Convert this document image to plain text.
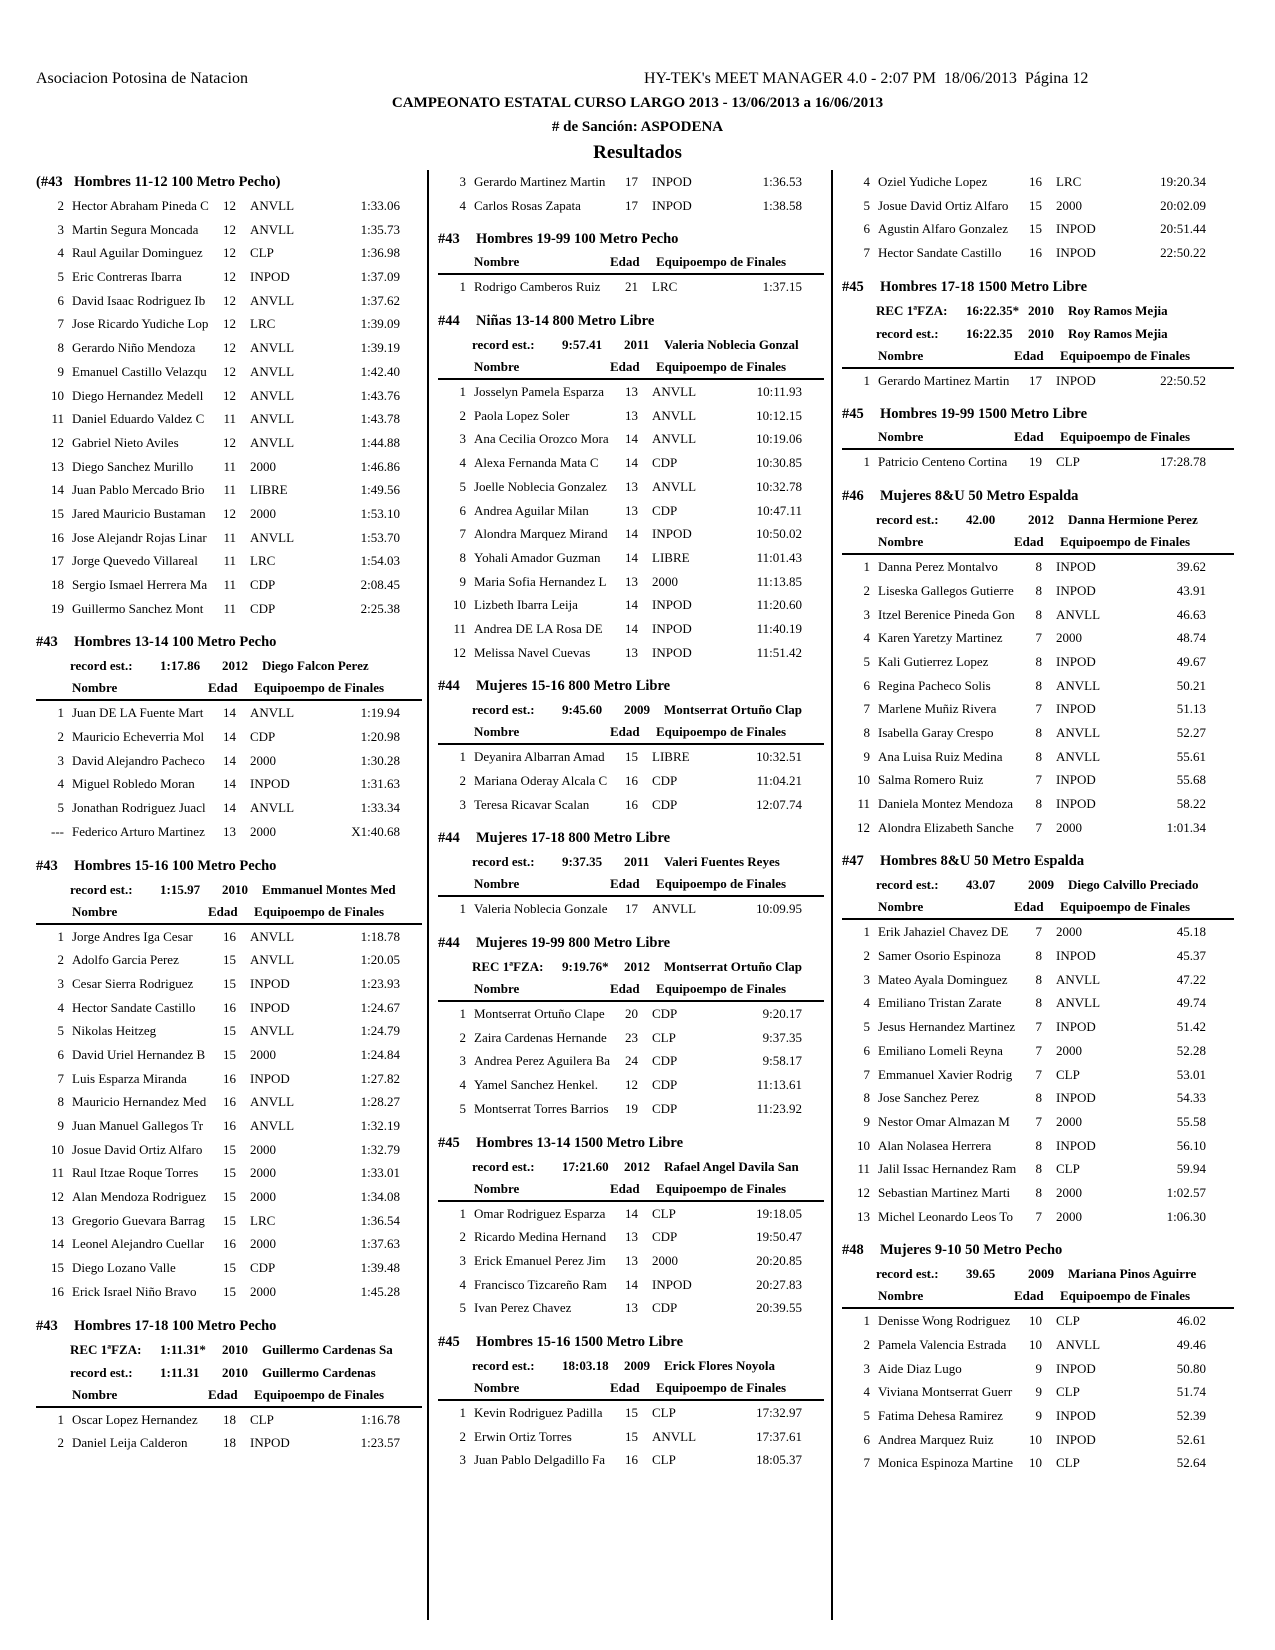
Asociacion Potosina de Natacion	HY-TEK's MEET MANAGER 4.0 - 2:07 PM  18/06/2013  Página 12
CAMPEONATO ESTATAL CURSO LARGO 2013 - 13/06/2013 a 16/06/2013
# de Sanción: ASPODENA
Resultados
(#43 Hombres 11-12 100 Metro Pecho)
2 Hector Abraham Pineda C	12 ANVLL	1:33.06
3 Martin Segura Moncada	12 ANVLL	1:35.73
4 Raul Aguilar Dominguez	12 CLP	1:36.98
5 Eric Contreras Ibarra	12 INPOD	1:37.09
6 David Isaac Rodriguez Ib	12 ANVLL	1:37.62
7 Jose Ricardo Yudiche Lop	12 LRC	1:39.09
8 Gerardo Niño Mendoza	12 ANVLL	1:39.19
9 Emanuel Castillo Velazqu	12 ANVLL	1:42.40
10 Diego Hernandez Medell	12 ANVLL	1:43.76
11 Daniel Eduardo Valdez C	11 ANVLL	1:43.78
12 Gabriel Nieto Aviles	12 ANVLL	1:44.88
13 Diego Sanchez Murillo	11 2000	1:46.86
14 Juan Pablo Mercado Brio	11 LIBRE	1:49.56
15 Jared Mauricio Bustaman	12 2000	1:53.10
16 Jose Alejandr Rojas Linar	11 ANVLL	1:53.70
17 Jorge Quevedo Villareal	11 LRC	1:54.03
18 Sergio Ismael Herrera Ma	11 CDP	2:08.45
19 Guillermo Sanchez Mont	11 CDP	2:25.38
#43 Hombres 13-14 100 Metro Pecho
record est.: 1:17.86 2012 Diego Falcon Perez
Nombre	Edad Equipoempo de Finales
1 Juan DE LA Fuente Mart	14 ANVLL	1:19.94
2 Mauricio Echeverria Mol	14 CDP	1:20.98
3 David Alejandro Pacheco	14 2000	1:30.28
4 Miguel Robledo Moran	14 INPOD	1:31.63
5 Jonathan Rodriguez Juacl	14 ANVLL	1:33.34
--- Federico Arturo Martinez	13 2000	X1:40.68
#43 Hombres 15-16 100 Metro Pecho
record est.: 1:15.97 2010 Emmanuel Montes Med
Nombre	Edad Equipoempo de Finales
1 Jorge Andres Iga Cesar	16 ANVLL	1:18.78
2 Adolfo Garcia Perez	15 ANVLL	1:20.05
3 Cesar Sierra Rodriguez	15 INPOD	1:23.93
4 Hector Sandate Castillo	16 INPOD	1:24.67
5 Nikolas Heitzeg	15 ANVLL	1:24.79
6 David Uriel Hernandez B	15 2000	1:24.84
7 Luis Esparza Miranda	16 INPOD	1:27.82
8 Mauricio Hernandez Med	16 ANVLL	1:28.27
9 Juan Manuel Gallegos Tr	16 ANVLL	1:32.19
10 Josue David Ortiz Alfaro	15 2000	1:32.79
11 Raul Itzae Roque Torres	15 2000	1:33.01
12 Alan Mendoza Rodriguez	15 2000	1:34.08
13 Gregorio Guevara Barrag	15 LRC	1:36.54
14 Leonel Alejandro Cuellar	16 2000	1:37.63
15 Diego Lozano Valle	15 CDP	1:39.48
16 Erick Israel Niño Bravo	15 2000	1:45.28
#43 Hombres 17-18 100 Metro Pecho
REC 1ªFZA: 1:11.31* 2010 Guillermo Cardenas Sa
record est.: 1:11.31 2010 Guillermo Cardenas
Nombre	Edad Equipoempo de Finales
1 Oscar Lopez Hernandez	18 CLP	1:16.78
2 Daniel Leija Calderon	18 INPOD	1:23.57
3 Gerardo Martinez Martin	17 INPOD	1:36.53
4 Carlos Rosas Zapata	17 INPOD	1:38.58
#43 Hombres 19-99 100 Metro Pecho
Nombre	Edad Equipoempo de Finales
1 Rodrigo Camberos Ruiz	21 LRC	1:37.15
#44 Niñas 13-14 800 Metro Libre
record est.: 9:57.41 2011 Valeria Noblecia Gonzal
Nombre	Edad Equipoempo de Finales
1 Josselyn Pamela Esparza	13 ANVLL	10:11.93
2 Paola Lopez Soler	13 ANVLL	10:12.15
3 Ana Cecilia Orozco Mora	14 ANVLL	10:19.06
4 Alexa Fernanda Mata C	14 CDP	10:30.85
5 Joelle Noblecia Gonzalez	13 ANVLL	10:32.78
6 Andrea Aguilar Milan	13 CDP	10:47.11
7 Alondra Marquez Mirand	14 INPOD	10:50.02
8 Yohali Amador Guzman	14 LIBRE	11:01.43
9 Maria Sofia Hernandez L	13 2000	11:13.85
10 Lizbeth Ibarra Leija	14 INPOD	11:20.60
11 Andrea DE LA Rosa DE	14 INPOD	11:40.19
12 Melissa Navel Cuevas	13 INPOD	11:51.42
#44 Mujeres 15-16 800 Metro Libre
record est.: 9:45.60 2009 Montserrat Ortuño Clap
Nombre	Edad Equipoempo de Finales
1 Deyanira Albarran Amad	15 LIBRE	10:32.51
2 Mariana Oderay Alcala C	16 CDP	11:04.21
3 Teresa Ricavar Scalan	16 CDP	12:07.74
#44 Mujeres 17-18 800 Metro Libre
record est.: 9:37.35 2011 Valeri Fuentes Reyes
Nombre	Edad Equipoempo de Finales
1 Valeria Noblecia Gonzale	17 ANVLL	10:09.95
#44 Mujeres 19-99 800 Metro Libre
REC 1ªFZA: 9:19.76* 2012 Montserrat Ortuño Clap
Nombre	Edad Equipoempo de Finales
1 Montserrat Ortuño Clape	20 CDP	9:20.17
2 Zaira Cardenas Hernande	23 CLP	9:37.35
3 Andrea Perez Aguilera Ba	24 CDP	9:58.17
4 Yamel Sanchez Henkel.	12 CDP	11:13.61
5 Montserrat Torres Barrios	19 CDP	11:23.92
#45 Hombres 13-14 1500 Metro Libre
record est.: 17:21.60 2012 Rafael Angel Davila San
Nombre	Edad Equipoempo de Finales
1 Omar Rodriguez Esparza	14 CLP	19:18.05
2 Ricardo Medina Hernand	13 CDP	19:50.47
3 Erick Emanuel Perez Jim	13 2000	20:20.85
4 Francisco Tizcareño Ram	14 INPOD	20:27.83
5 Ivan Perez Chavez	13 CDP	20:39.55
#45 Hombres 15-16 1500 Metro Libre
record est.: 18:03.18 2009 Erick Flores Noyola
Nombre	Edad Equipoempo de Finales
1 Kevin Rodriguez Padilla	15 CLP	17:32.97
2 Erwin Ortiz Torres	15 ANVLL	17:37.61
3 Juan Pablo Delgadillo Fa	16 CLP	18:05.37
4 Oziel Yudiche Lopez	16 LRC	19:20.34
5 Josue David Ortiz Alfaro	15 2000	20:02.09
6 Agustin Alfaro Gonzalez	15 INPOD	20:51.44
7 Hector Sandate Castillo	16 INPOD	22:50.22
#45 Hombres 17-18 1500 Metro Libre
REC 1ªFZA: 16:22.35* 2010 Roy Ramos Mejia
record est.: 16:22.35 2010 Roy Ramos Mejia
Nombre	Edad Equipoempo de Finales
1 Gerardo Martinez Martin	17 INPOD	22:50.52
#45 Hombres 19-99 1500 Metro Libre
Nombre	Edad Equipoempo de Finales
1 Patricio Centeno Cortina	19 CLP	17:28.78
#46 Mujeres 8&U 50 Metro Espalda
record est.: 42.00	2012 Danna Hermione Perez
Nombre	Edad Equipoempo de Finales
1 Danna Perez Montalvo	8 INPOD	39.62
2 Liseska Gallegos Gutierre	8 INPOD	43.91
3 Itzel Berenice Pineda Gon	8 ANVLL	46.63
4 Karen Yaretzy Martinez	7 2000	48.74
5 Kali Gutierrez Lopez	8 INPOD	49.67
6 Regina Pacheco Solis	8 ANVLL	50.21
7 Marlene Muñiz Rivera	7 INPOD	51.13
8 Isabella Garay Crespo	8 ANVLL	52.27
9 Ana Luisa Ruiz Medina	8 ANVLL	55.61
10 Salma Romero Ruiz	7 INPOD	55.68
11 Daniela Montez Mendoza	8 INPOD	58.22
12 Alondra Elizabeth Sanche	7 2000	1:01.34
#47 Hombres 8&U 50 Metro Espalda
record est.: 43.07	2009 Diego Calvillo Preciado
Nombre	Edad Equipoempo de Finales
1 Erik Jahaziel Chavez DE	7 2000	45.18
2 Samer Osorio Espinoza	8 INPOD	45.37
3 Mateo Ayala Dominguez	8 ANVLL	47.22
4 Emiliano Tristan Zarate	8 ANVLL	49.74
5 Jesus Hernandez Martinez	7 INPOD	51.42
6 Emiliano Lomeli Reyna	7 2000	52.28
7 Emmanuel Xavier Rodrig	7 CLP	53.01
8 Jose Sanchez Perez	8 INPOD	54.33
9 Nestor Omar Almazan M	7 2000	55.58
10 Alan Nolasea Herrera	8 INPOD	56.10
11 Jalil Issac Hernandez Ram	8 CLP	59.94
12 Sebastian Martinez Marti	8 2000	1:02.57
13 Michel Leonardo Leos To	7 2000	1:06.30
#48 Mujeres 9-10 50 Metro Pecho
record est.: 39.65	2009 Mariana Pinos Aguirre
Nombre	Edad Equipoempo de Finales
1 Denisse Wong Rodriguez	10 CLP	46.02
2 Pamela Valencia Estrada	10 ANVLL	49.46
3 Aide Diaz Lugo	9 INPOD	50.80
4 Viviana Montserrat Guerr	9 CLP	51.74
5 Fatima Dehesa Ramirez	9 INPOD	52.39
6 Andrea Marquez Ruiz	10 INPOD	52.61
7 Monica Espinoza Martine	10 CLP	52.64
